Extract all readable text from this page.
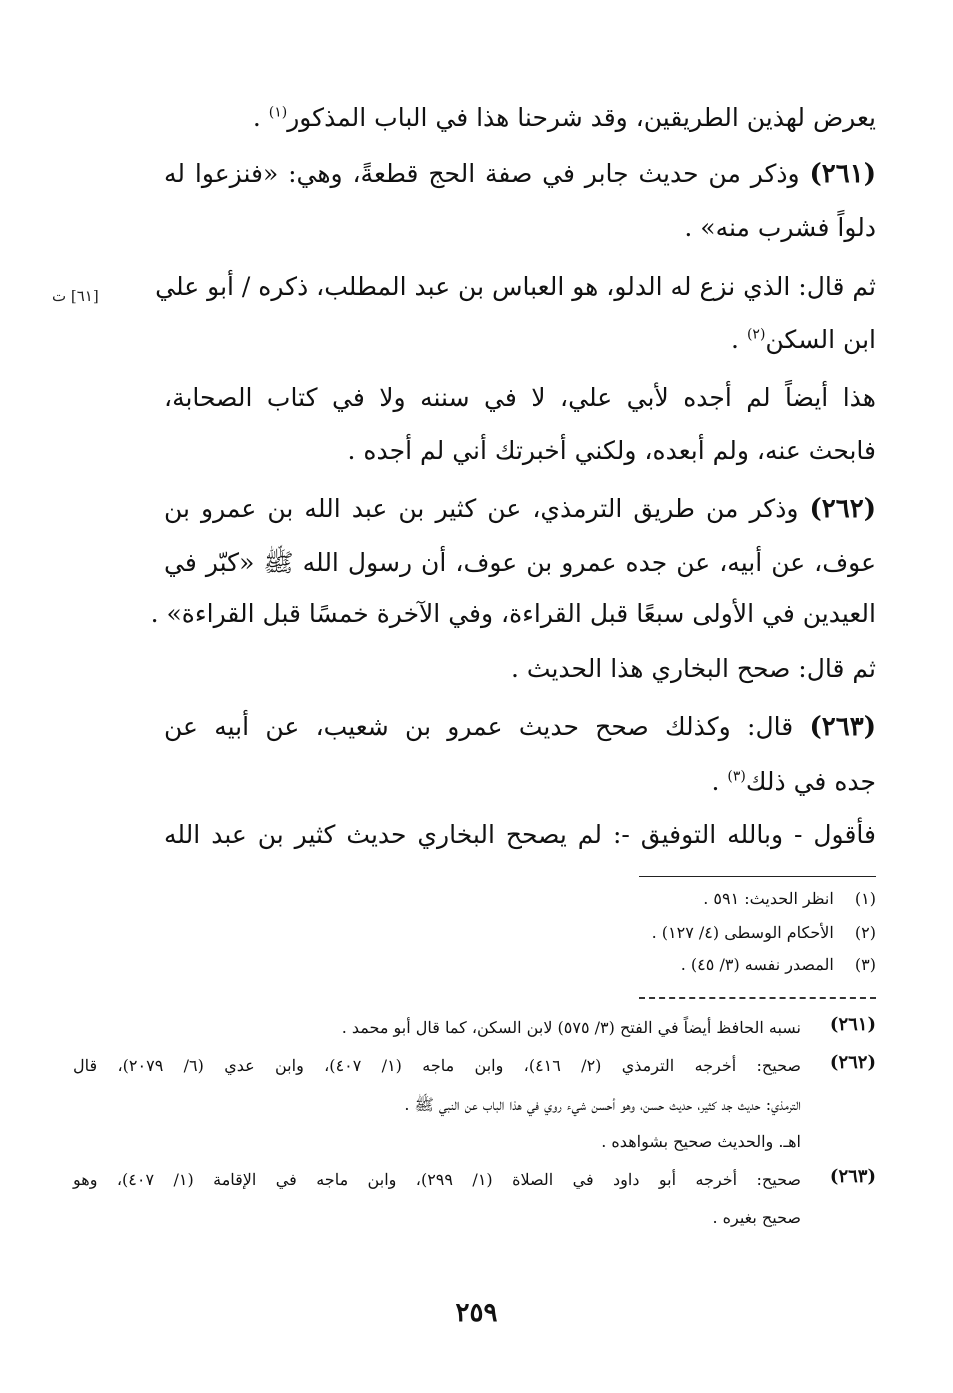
يعرض لهذين الطريقين، وقد شرحنا هذا في الباب المذكور$^{(١)}$ .
(٢٦١) وذكر من حديث جابر في صفة الحج قطعةً، وهي: «فنزعوا له
دلواً فشرب منه» .
ثم قال: الذي نزع له الدلو، هو العباس بن عبد المطلب، ذكره / أبو علي
[٦١] ت
ابن السكن$^{(٢)}$ .
هذا أيضاً لم أجده لأبي علي، لا في سننه ولا في كتاب الصحابة،
فابحث عنه، ولم أبعده، ولكني أخبرتك أني لم أجده .
(٢٦٢) وذكر من طريق الترمذي، عن كثير بن عبد الله بن عمرو بن
عوف، عن أبيه، عن جده عمرو بن عوف، أن رسول الله ﷺ «كبّر في
العيدين في الأولى سبعًا قبل القراءة، وفي الآخرة خمسًا قبل القراءة» .
ثم قال: صحح البخاري هذا الحديث .
(٢٦٣) قال: وكذلك صحح حديث عمرو بن شعيب، عن أبيه عن
جده في ذلك$^{(٣)}$ .
فأقول - وبالله التوفيق -: لم يصحح البخاري حديث كثير بن عبد الله
(١)  انظر الحديث: ٥٩١ .
(٢)  الأحكام الوسطى (٤/ ١٢٧) .
(٣)  المصدر نفسه (٣/ ٤٥) .
(٢٦١)
نسبه الحافظ أيضاً في الفتح (٣/ ٥٧٥) لابن السكن، كما قال أبو محمد .
(٢٦٢)
صحيح: أخرجه الترمذي (٢/ ٤١٦)، وابن ماجه (١/ ٤٠٧)، وابن عدي (٦/ ٢٠٧٩)، قال
الترمذي: حديث جد كثير، حديث حسن، وهو أحسن شيء روي في هذا الباب عن النبي ﷺ .
اهـ. والحديث صحيح بشواهده .
(٢٦٣)
صحيح: أخرجه أبو داود في الصلاة (١/ ٢٩٩)، وابن ماجه في الإقامة (١/ ٤٠٧)، وهو
صحيح بغيره .
٢٥٩
